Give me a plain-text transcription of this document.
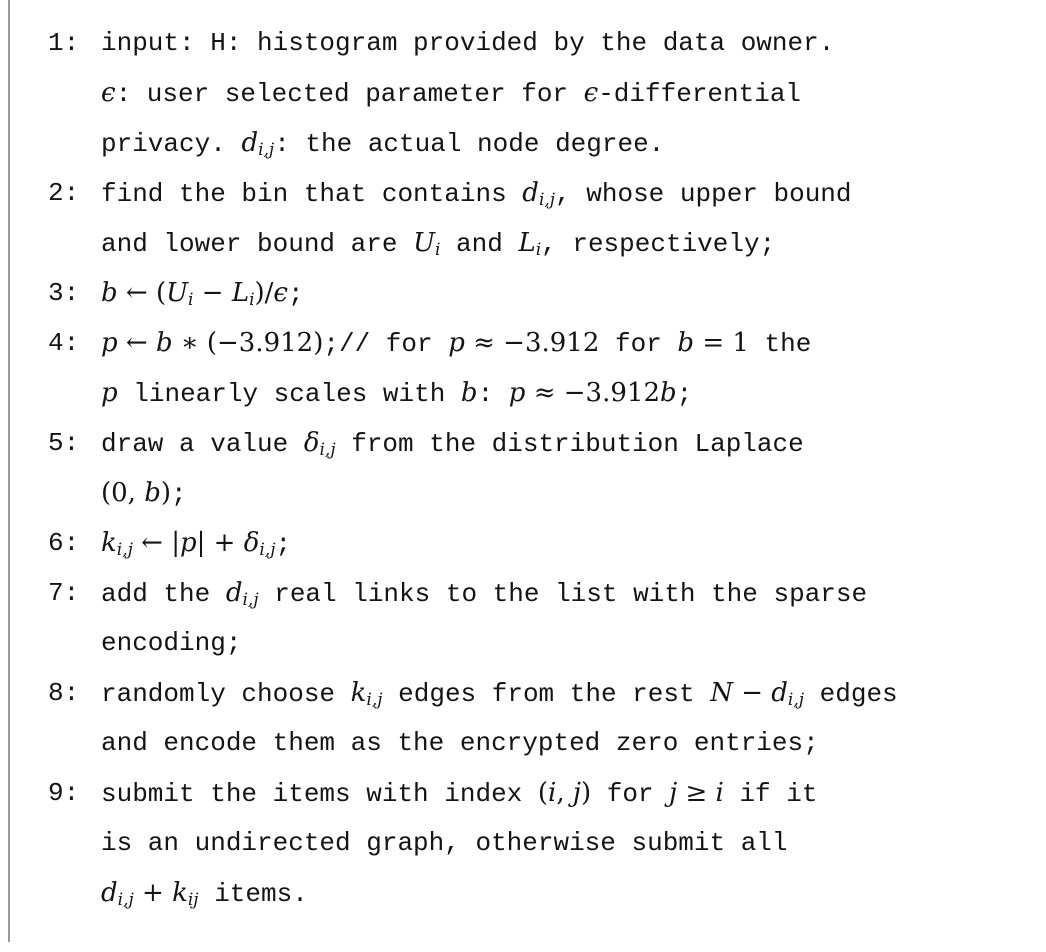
1: input: H: histogram provided by the data owner.
ϵ: user selected parameter for ϵ-differential
privacy. $d_{i,j}$: the actual node degree.
2: find the bin that contains $d_{i,j}$, whose upper bound
and lower bound are $U_i$ and $L_i$, respectively;
3: b ← $(U_i - L_i)/\epsilon$;
4: p ← b ∗ (−3.912);// for p ≈ −3.912 for b = 1 the
p linearly scales with b: p ≈ −3.912b;
5: draw a value $\delta_{i,j}$ from the distribution Laplace
(0, b);
6: $k_{i,j}$ ← $|p| + \delta_{i,j}$;
7: add the $d_{i,j}$ real links to the list with the sparse
encoding;
8: randomly choose $k_{i,j}$ edges from the rest $N - d_{i,j}$ edges
and encode them as the encrypted zero entries;
9: submit the items with index (i, j) for j ≥ i if it
is an undirected graph, otherwise submit all
$d_{i,j} + k_{ij}$ items.
